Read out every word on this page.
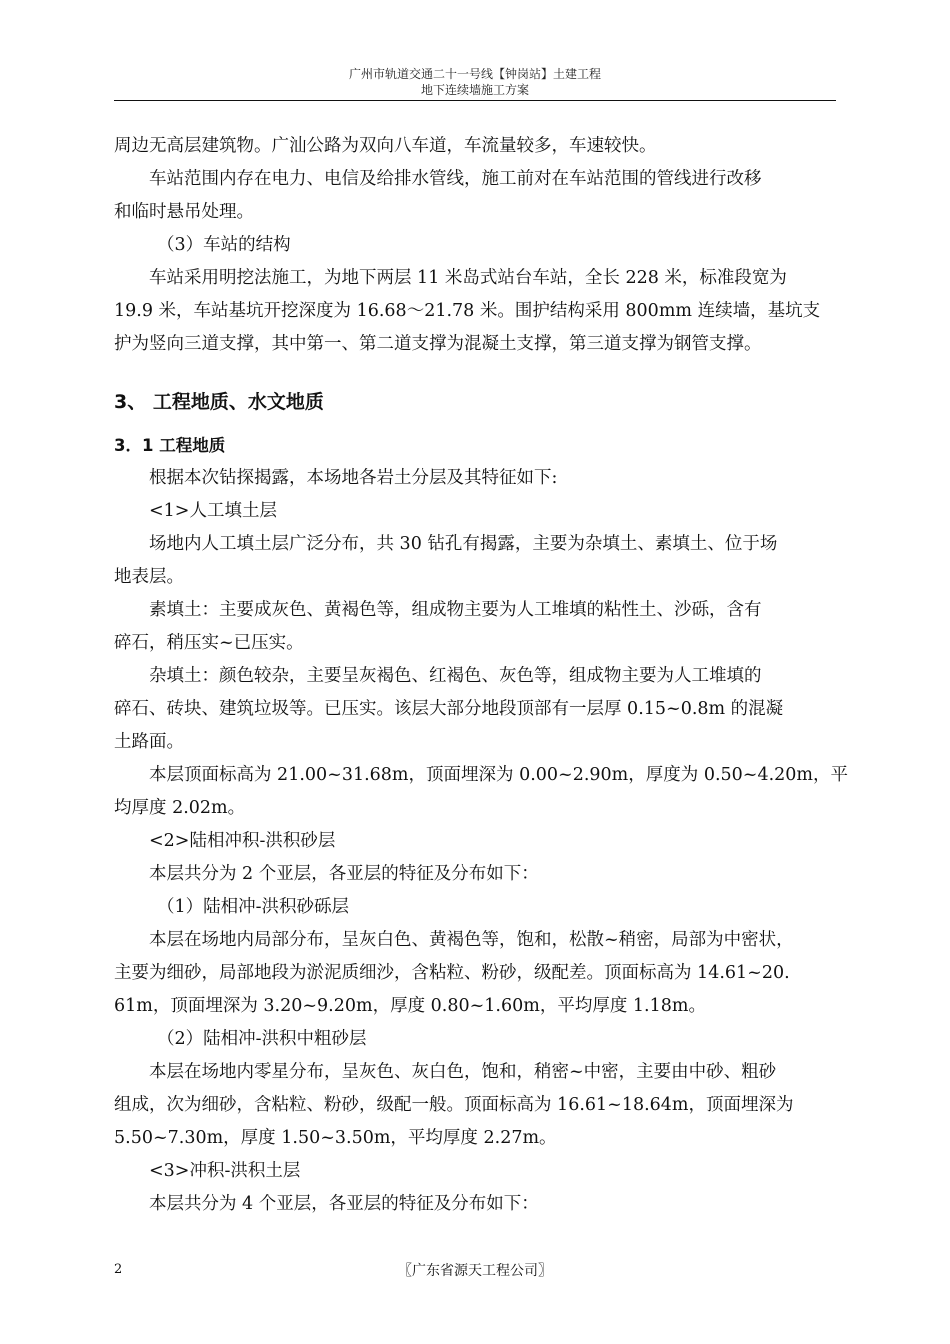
广州市轨道交通二十一号线【钟岗站】土建工程
地下连续墙施工方案

周边无高层建筑物。广汕公路为双向八车道，车流量较多，车速较快。

车站范围内存在电力、电信及给排水管线，施工前对在车站范围的管线进行改移

和临时悬吊处理。

（3）车站的结构

车站采用明挖法施工，为地下两层 11 米岛式站台车站，全长 228 米，标准段宽为

19.9 米，车站基坑开挖深度为 16.68～21.78 米。围护结构采用 800mm 连续墙，基坑支

护为竖向三道支撑，其中第一、第二道支撑为混凝土支撑，第三道支撑为钢管支撑。

3、 工程地质、水文地质
3．1 工程地质

根据本次钻探揭露，本场地各岩土分层及其特征如下:

<1>人工填土层

场地内人工填土层广泛分布，共 30 钻孔有揭露，主要为杂填土、素填土、位于场

地表层。

素填土：主要成灰色、黄褐色等，组成物主要为人工堆填的粘性土、沙砾，含有

碎石，稍压实~已压实。

杂填土：颜色较杂，主要呈灰褐色、红褐色、灰色等，组成物主要为人工堆填的

碎石、砖块、建筑垃圾等。已压实。该层大部分地段顶部有一层厚 0.15~0.8m 的混凝

土路面。

本层顶面标高为 21.00~31.68m，顶面埋深为 0.00~2.90m，厚度为 0.50~4.20m，平

均厚度 2.02m。

<2>陆相冲积-洪积砂层

本层共分为 2 个亚层，各亚层的特征及分布如下：

（1）陆相冲-洪积砂砾层

本层在场地内局部分布，呈灰白色、黄褐色等，饱和，松散~稍密，局部为中密状，

主要为细砂，局部地段为淤泥质细沙，含粘粒、粉砂，级配差。顶面标高为 14.61~20.

61m，顶面埋深为 3.20~9.20m，厚度 0.80~1.60m，平均厚度 1.18m。

（2）陆相冲-洪积中粗砂层

本层在场地内零星分布，呈灰色、灰白色，饱和，稍密~中密，主要由中砂、粗砂

组成，次为细砂，含粘粒、粉砂，级配一般。顶面标高为 16.61~18.64m，顶面埋深为

5.50~7.30m，厚度 1.50~3.50m，平均厚度 2.27m。

<3>冲积-洪积土层

本层共分为 4 个亚层，各亚层的特征及分布如下：

2	〖广东省源天工程公司〗
